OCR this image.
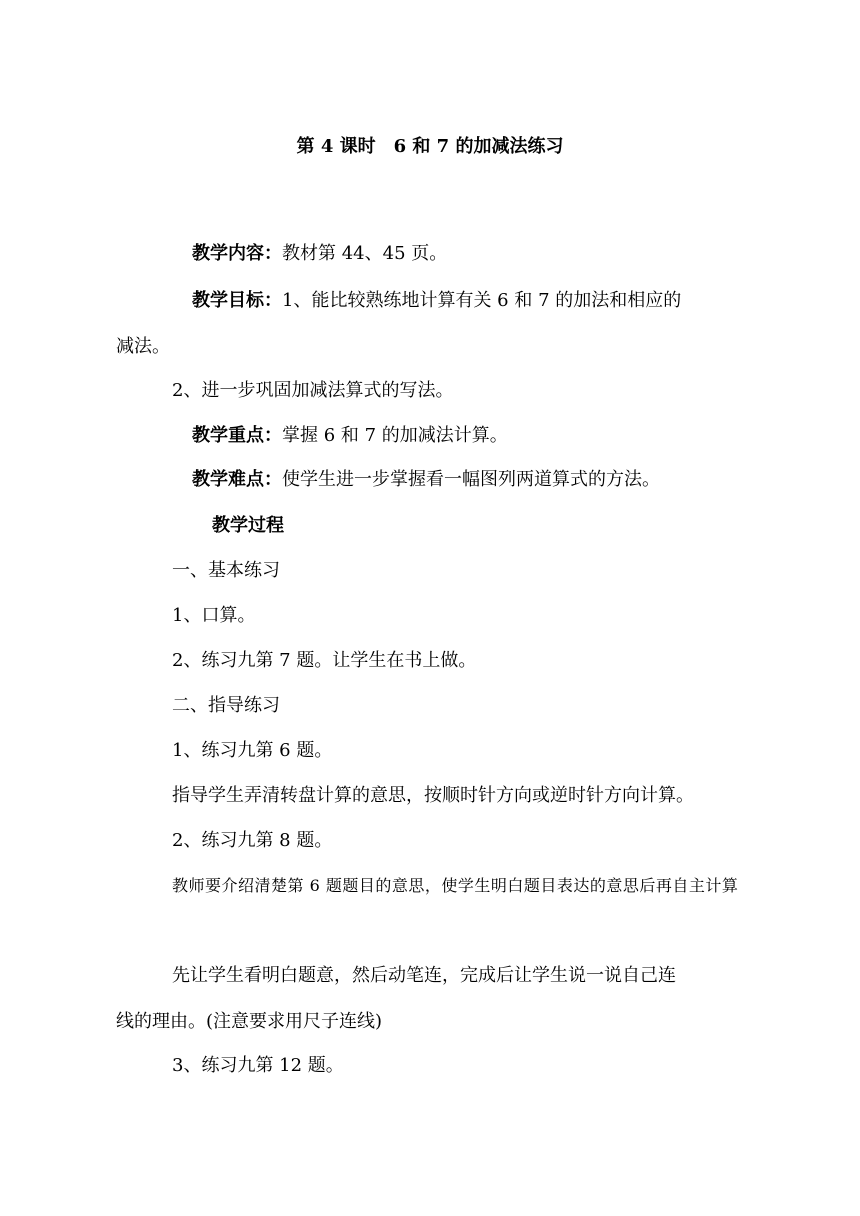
第 4 课时　6 和 7 的加减法练习
教学内容：教材第 44、45 页。
教学目标：1、能比较熟练地计算有关 6 和 7 的加法和相应的
减法。
2、进一步巩固加减法算式的写法。
教学重点：掌握 6 和 7 的加减法计算。
教学难点：使学生进一步掌握看一幅图列两道算式的方法。
教学过程
一、基本练习
1、口算。
2、练习九第 7 题。让学生在书上做。
二、指导练习
1、练习九第 6 题。
指导学生弄清转盘计算的意思，按顺时针方向或逆时针方向计算。
2、练习九第 8 题。
教师要介绍清楚第 6 题题目的意思，使学生明白题目表达的意思后再自主计算
先让学生看明白题意，然后动笔连，完成后让学生说一说自己连
线的理由。(注意要求用尺子连线)
3、练习九第 12 题。
